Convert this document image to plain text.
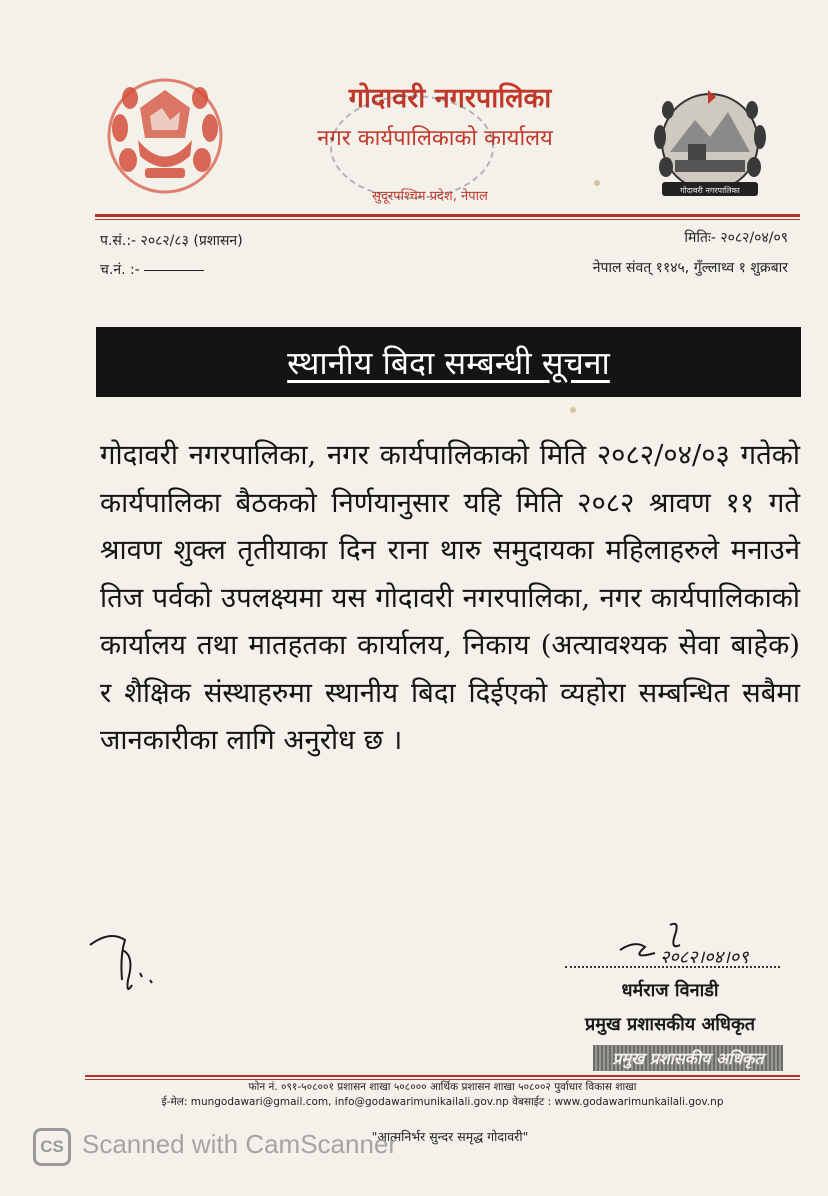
गोदावरी नगरपालिका
नगर कार्यपालिकाको कार्यालय
सुदूरपश्चिम प्रदेश, नेपाल	गोदावरी नगरपालिका
प.सं.:- २०८२/८३ (प्रशासन)
च.नं. :-
मितिः- २०८२/०४/०९
नेपाल संवत् ११४५, गुँल्लाथ्व १ शुक्रबार
स्थानीय बिदा सम्बन्धी सूचना
गोदावरी नगरपालिका, नगर कार्यपालिकाको मिति २०८२/०४/०३ गतेको कार्यपालिका बैठकको निर्णयानुसार यहि मिति २०८२ श्रावण ११ गते श्रावण शुक्ल तृतीयाका दिन राना थारु समुदायका महिलाहरुले मनाउने तिज पर्वको उपलक्ष्यमा यस गोदावरी नगरपालिका, नगर कार्यपालिकाको कार्यालय तथा मातहतका कार्यालय, निकाय (अत्यावश्यक सेवा बाहेक) र शैक्षिक संस्थाहरुमा स्थानीय बिदा दिईएको व्यहोरा सम्बन्धित सबैमा जानकारीका लागि अनुरोध छ ।
२०८२।०४।०९
धर्मराज विनाडी
प्रमुख प्रशासकीय अधिकृत
प्रमुख प्रशासकीय अधिकृत
फोन नं. ०९१-५०८००१ प्रशासन शाखा ५०८००० आर्थिक प्रशासन शाखा ५०८००२ पुर्वाधार विकास शाखा
ई-मेल: mungodawari@gmail.com, info@godawarimunikailali.gov.np वेबसाईट : www.godawarimunkailali.gov.np
"आत्मनिर्भर सुन्दर समृद्ध गोदावरी"
CS Scanned with CamScanner
